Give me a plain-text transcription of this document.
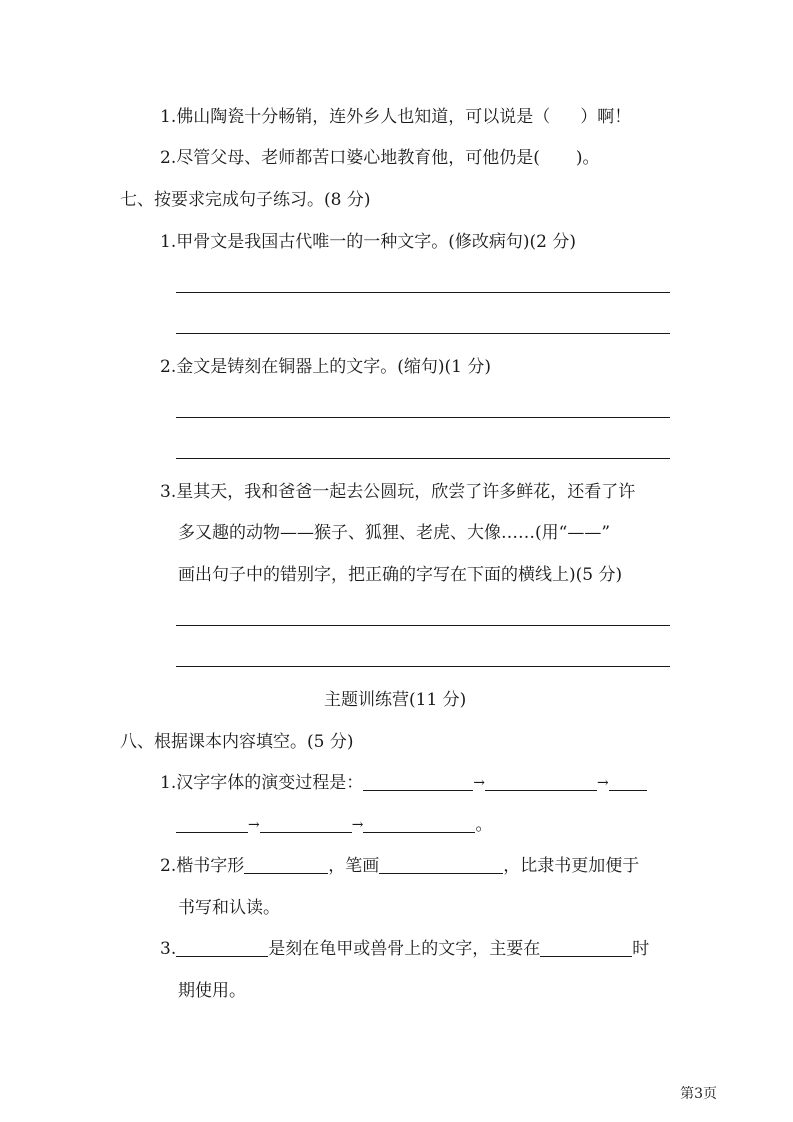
1.佛山陶瓷十分畅销，连外乡人也知道，可以说是（ ）啊！
2.尽管父母、老师都苦口婆心地教育他，可他仍是( )。
七、按要求完成句子练习。(8 分)
1.甲骨文是我国古代唯一的一种文字。(修改病句)(2 分)
2.金文是铸刻在铜器上的文字。(缩句)(1 分)
3.星其天，我和爸爸一起去公圆玩，欣尝了许多鲜花，还看了许
多又趣的动物——猴子、狐狸、老虎、大像……(用“——”
画出句子中的错别字，把正确的字写在下面的横线上)(5 分)
主题训练营(11 分)
八、根据课本内容填空。(5 分)
1.汉字字体的演变过程是：	→	→
→	→	。
2.楷书字形	，笔画	，比隶书更加便于
书写和认读。
3.	是刻在龟甲或兽骨上的文字，主要在	时
期使用。
第3页
